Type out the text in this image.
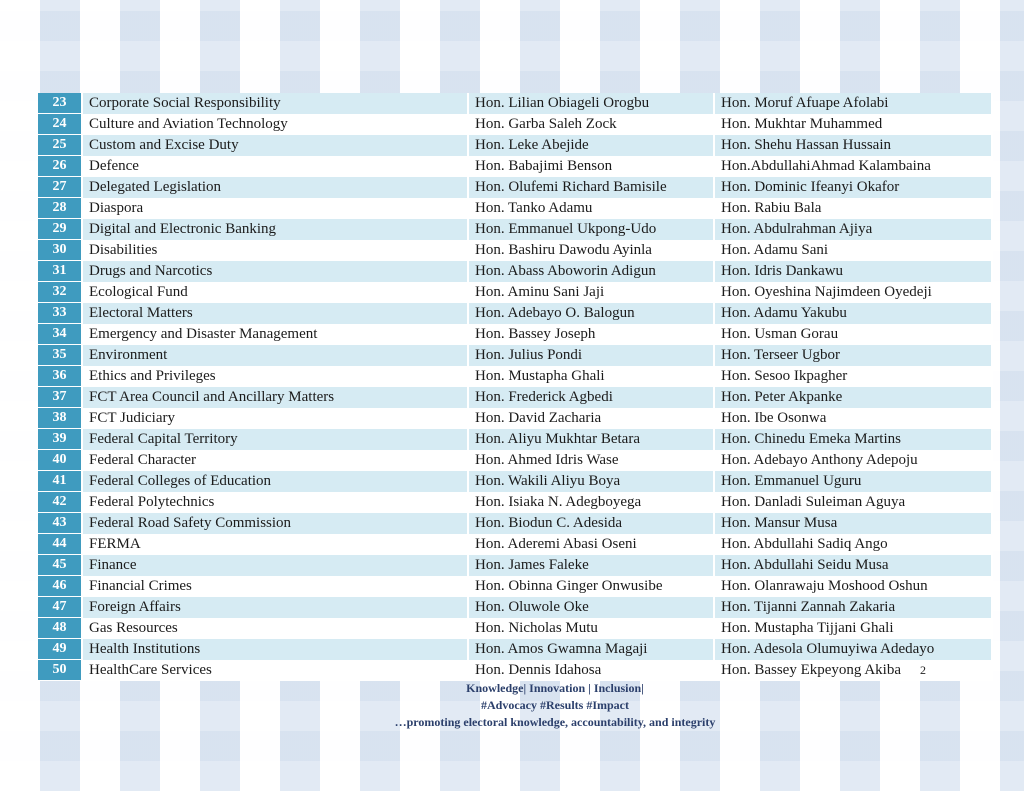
23	Corporate Social Responsibility	Hon. Lilian Obiageli Orogbu	Hon. Moruf Afuape Afolabi
24	Culture and Aviation Technology	Hon. Garba Saleh Zock	Hon. Mukhtar Muhammed
25	Custom and Excise Duty	Hon. Leke Abejide	Hon. Shehu Hassan Hussain
26	Defence	Hon. Babajimi Benson	Hon.AbdullahiAhmad Kalambaina
27	Delegated Legislation	Hon. Olufemi Richard Bamisile	Hon. Dominic Ifeanyi Okafor
28	Diaspora	Hon. Tanko Adamu	Hon. Rabiu Bala
29	Digital and Electronic Banking	Hon. Emmanuel Ukpong-Udo	Hon. Abdulrahman Ajiya
30	Disabilities	Hon. Bashiru Dawodu Ayinla	Hon. Adamu Sani
31	Drugs and Narcotics	Hon. Abass Aboworin Adigun	Hon. Idris Dankawu
32	Ecological Fund	Hon. Aminu Sani Jaji	Hon. Oyeshina Najimdeen Oyedeji
33	Electoral Matters	Hon. Adebayo O. Balogun	Hon. Adamu Yakubu
34	Emergency and Disaster Management	Hon. Bassey Joseph	Hon. Usman Gorau
35	Environment	Hon. Julius Pondi	Hon. Terseer Ugbor
36	Ethics and Privileges	Hon. Mustapha Ghali	Hon. Sesoo Ikpagher
37	FCT Area Council and Ancillary Matters	Hon. Frederick Agbedi	Hon. Peter Akpanke
38	FCT Judiciary	Hon. David Zacharia	Hon. Ibe Osonwa
39	Federal Capital Territory	Hon. Aliyu Mukhtar Betara	Hon. Chinedu Emeka Martins
40	Federal Character	Hon. Ahmed Idris Wase	Hon. Adebayo Anthony Adepoju
41	Federal Colleges of Education	Hon. Wakili Aliyu Boya	Hon. Emmanuel Uguru
42	Federal Polytechnics	Hon. Isiaka N. Adegboyega	Hon. Danladi Suleiman Aguya
43	Federal Road Safety Commission	Hon. Biodun C. Adesida	Hon. Mansur Musa
44	FERMA	Hon. Aderemi Abasi Oseni	Hon. Abdullahi Sadiq Ango
45	Finance	Hon. James Faleke	Hon. Abdullahi Seidu Musa
46	Financial Crimes	Hon. Obinna Ginger Onwusibe	Hon. Olanrawaju Moshood Oshun
47	Foreign Affairs	Hon. Oluwole Oke	Hon. Tijanni Zannah Zakaria
48	Gas Resources	Hon. Nicholas Mutu	Hon. Mustapha Tijjani Ghali
49	Health Institutions	Hon. Amos Gwamna Magaji	Hon. Adesola Olumuyiwa Adedayo
50	HealthCare Services	Hon. Dennis Idahosa	Hon. Bassey Ekpeyong Akiba 2
Knowledge| Innovation | Inclusion|
#Advocacy #Results #Impact
…promoting electoral knowledge, accountability, and integrity
